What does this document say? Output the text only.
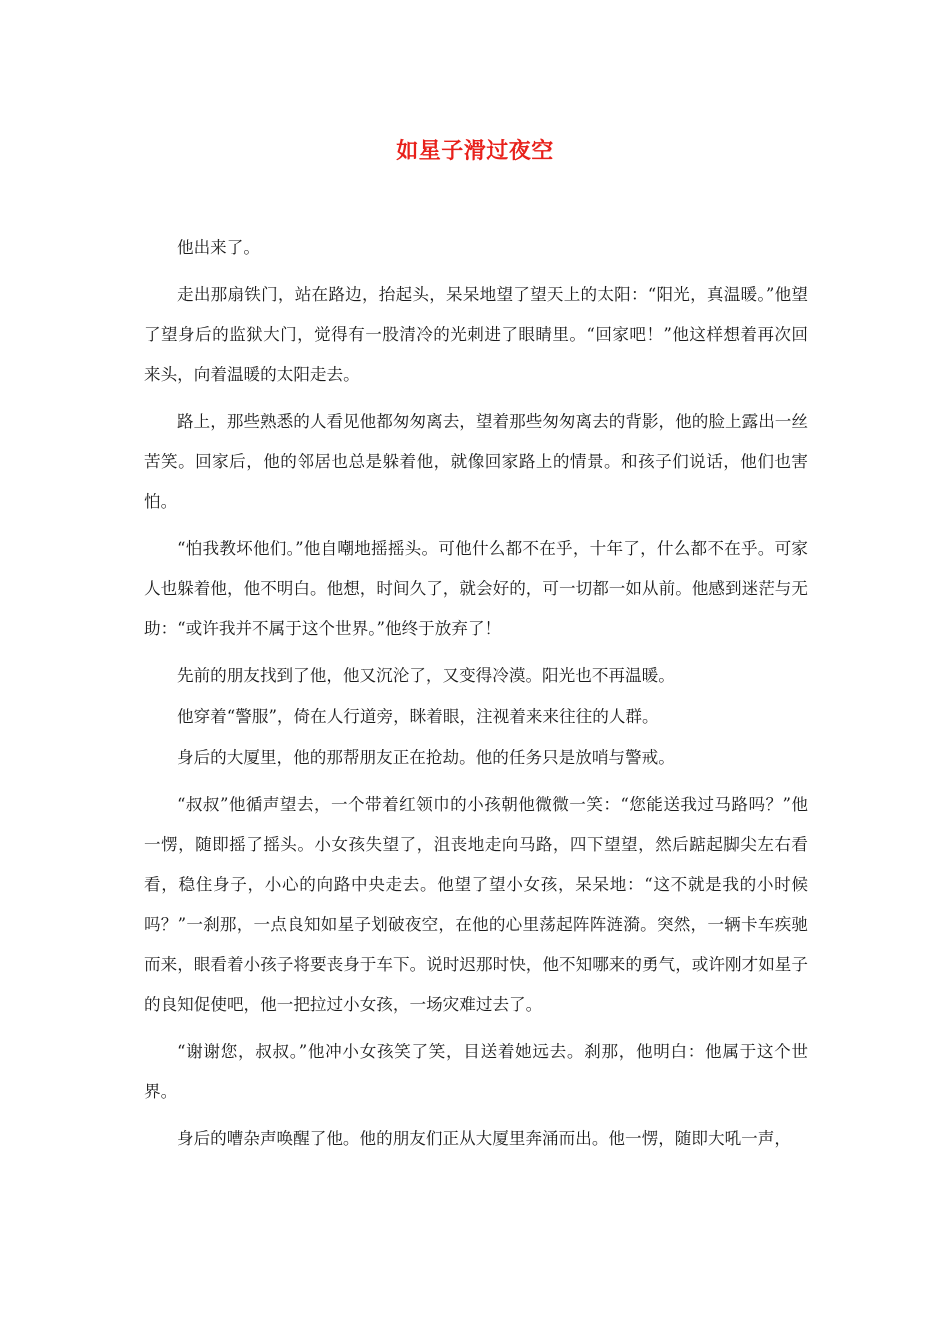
如星子滑过夜空

他出来了。

走出那扇铁门，站在路边，抬起头，呆呆地望了望天上的太阳：“阳光，真温暖。”他望了望身后的监狱大门，觉得有一股清冷的光刺进了眼睛里。“回家吧！”他这样想着再次回来头，向着温暖的太阳走去。

路上，那些熟悉的人看见他都匆匆离去，望着那些匆匆离去的背影，他的脸上露出一丝苦笑。回家后，他的邻居也总是躲着他，就像回家路上的情景。和孩子们说话，他们也害怕。

“怕我教坏他们。”他自嘲地摇摇头。可他什么都不在乎，十年了，什么都不在乎。可家人也躲着他，他不明白。他想，时间久了，就会好的，可一切都一如从前。他感到迷茫与无助：“或许我并不属于这个世界。”他终于放弃了！

先前的朋友找到了他，他又沉沦了，又变得冷漠。阳光也不再温暖。

他穿着“警服”，倚在人行道旁，眯着眼，注视着来来往往的人群。

身后的大厦里，他的那帮朋友正在抢劫。他的任务只是放哨与警戒。

“叔叔”他循声望去，一个带着红领巾的小孩朝他微微一笑：“您能送我过马路吗？”他一愣，随即摇了摇头。小女孩失望了，沮丧地走向马路，四下望望，然后踮起脚尖左右看看，稳住身子，小心的向路中央走去。他望了望小女孩，呆呆地：“这不就是我的小时候吗？”一刹那，一点良知如星子划破夜空，在他的心里荡起阵阵涟漪。突然，一辆卡车疾驰而来，眼看着小孩子将要丧身于车下。说时迟那时快，他不知哪来的勇气，或许刚才如星子的良知促使吧，他一把拉过小女孩，一场灾难过去了。

“谢谢您，叔叔。”他冲小女孩笑了笑，目送着她远去。刹那，他明白：他属于这个世界。

身后的嘈杂声唤醒了他。他的朋友们正从大厦里奔涌而出。他一愣，随即大吼一声，
